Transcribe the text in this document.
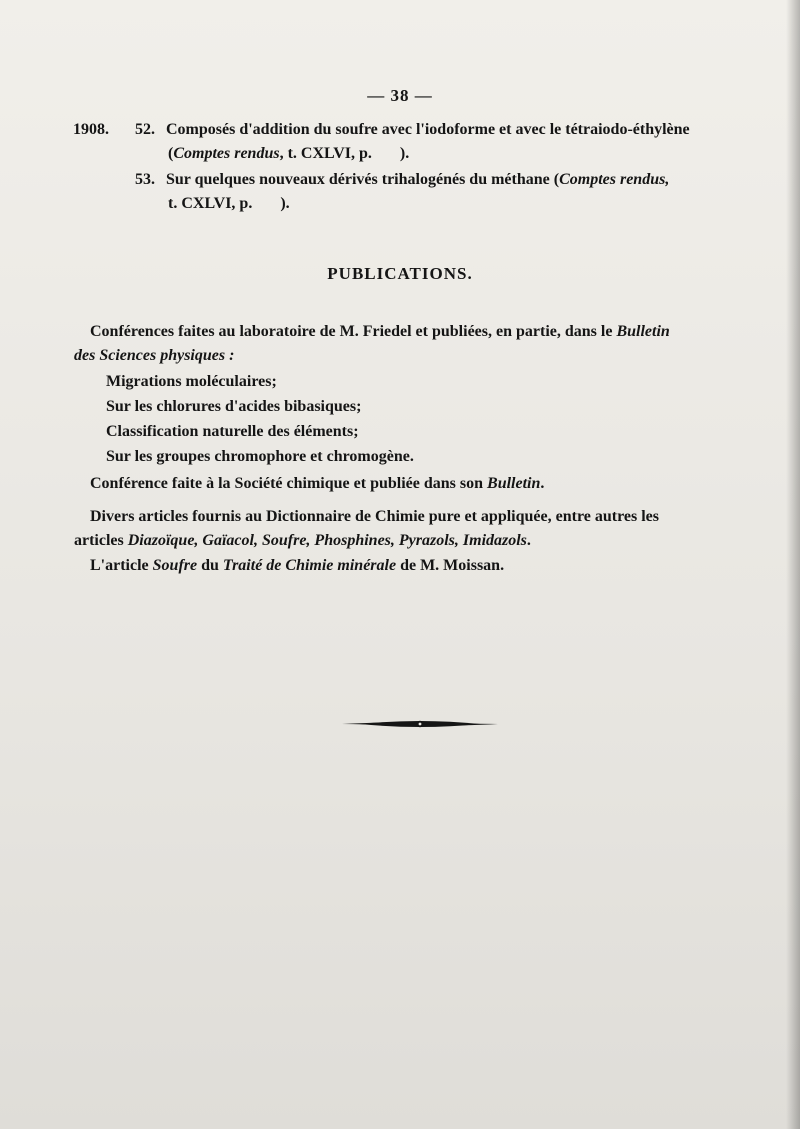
— 38 —
1908. 52. Composés d'addition du soufre avec l'iodoforme et avec le tétraiodo-éthylène
(Comptes rendus, t. CXLVI, p.       ).
53. Sur quelques nouveaux dérivés trihalogénés du méthane (Comptes rendus,
t. CXLVI, p.       ).
PUBLICATIONS.
Conférences faites au laboratoire de M. Friedel et publiées, en partie, dans le Bulletin
des Sciences physiques :
Migrations moléculaires;
Sur les chlorures d'acides bibasiques;
Classification naturelle des éléments;
Sur les groupes chromophore et chromogène.
Conférence faite à la Société chimique et publiée dans son Bulletin.
Divers articles fournis au Dictionnaire de Chimie pure et appliquée, entre autres les
articles Diazoïque, Gaïacol, Soufre, Phosphines, Pyrazols, Imidazols.
L'article Soufre du Traité de Chimie minérale de M. Moissan.
